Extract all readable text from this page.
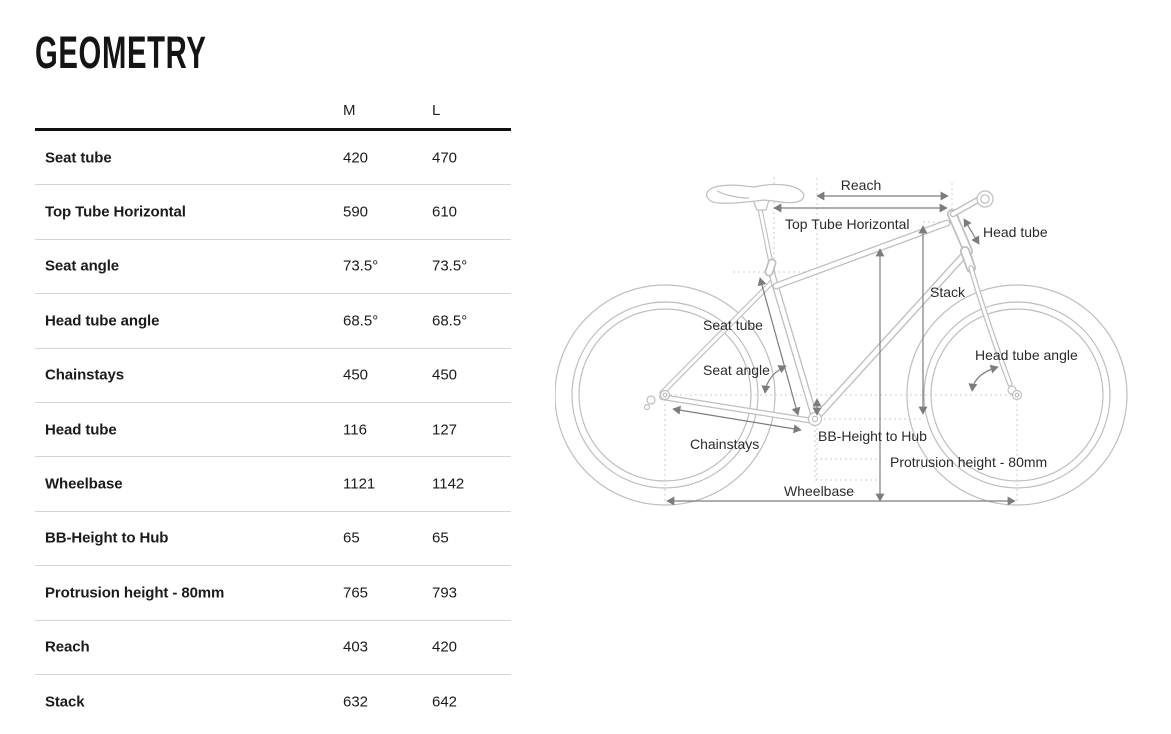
GEOMETRY
M	L
Seat tube	420	470
Top Tube Horizontal	590	610
Seat angle	73.5°	73.5°
Head tube angle	68.5°	68.5°
Chainstays	450	450
Head tube	116	127
Wheelbase	1121	1142
BB-Height to Hub	65	65
Protrusion height - 80mm	765	793
Reach	403	420
Stack	632	642
Reach
Top Tube Horizontal	Head tube
Stack
Seat tube
Seat angle
Head tube angle
Chainstays	BB-Height to Hub
Protrusion height - 80mm
Wheelbase
